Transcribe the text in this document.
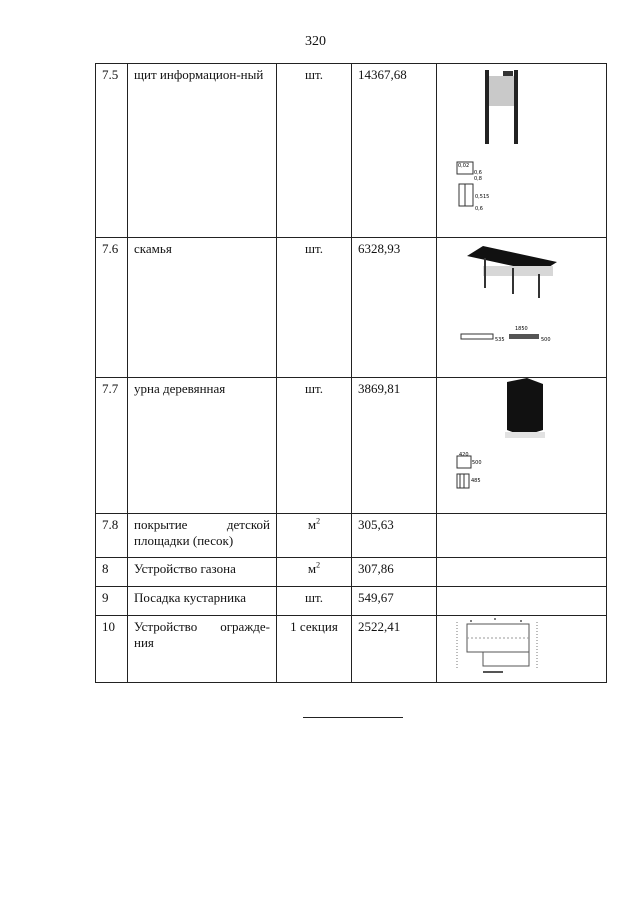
320
7.5	щит информацион-ный	шт.	14367,68	0,02
0,6
0,8
0,515
0,6

7.6	скамья	шт.	6328,93	535
1850
500

7.7	урна деревянная	шт.	3869,81	420
500
485

7.8	покрытие детской
площадки (песок)	$м^2$	305,63	
8	Устройство газона	$м^2$	307,86	
9	Посадка кустарника	шт.	549,67	
10	Устройство огражде-
ния	1 секция	2522,41	
